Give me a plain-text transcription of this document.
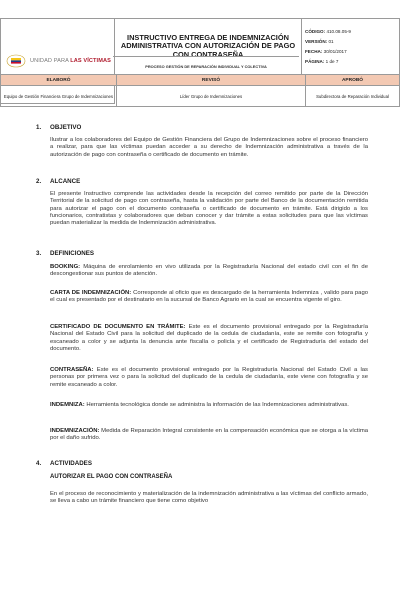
UNIDAD PARA LAS VÍCTIMAS

INSTRUCTIVO ENTREGA DE INDEMNIZACIÓN ADMINISTRATIVA CON AUTORIZACIÓN DE PAGO CON CONTRASEÑA

CÓDIGO: 410.08.05-9
VERSIÓN: 01
FECHA: 30/01/2017
PÁGINA: 1 de 7

PROCESO GESTIÓN DE REPARACIÓN INDIVIDUAL Y COLECTIVA
ELABORÓ	REVISÓ	APROBÓ
Equipo de Gestión Financiera Grupo de Indemnizaciones	Líder Grupo de Indemnizaciones	Subdirectora de Reparación Individual
1. OBJETIVO
Ilustrar a los colaboradores del Equipo de Gestión Financiera del Grupo de Indemnizaciones sobre el proceso financiero a realizar, para que las víctimas puedan acceder a su derecho de Indemnización administrativa a través de la autorización de pago con contraseña o certificado de documento en trámite.
2. ALCANCE
El presente Instructivo comprende las actividades desde la recepción del correo remitido por parte de la Dirección Territorial de la solicitud de pago con contraseña, hasta la validación por parte del Banco de la documentación remitida para autorizar el pago con el documento contraseña o certificado de documento en trámite. Está dirigido a los funcionarios, contratistas y colaboradores que deban conocer y dar trámite a estas solicitudes para que las víctimas puedan materializar la medida de Indemnización administrativa.
3. DEFINICIONES
BOOKING: Máquina de enrolamiento en vivo utilizada por la Registraduría Nacional del estado civil con el fin de descongestionar sus puntos de atención.
CARTA DE INDEMNIZACIÓN: Corresponde al oficio que es descargado de la herramienta Indemniza , valido para pago el cual es presentado por el destinatario en la sucursal de Banco Agrario en la cual se encuentra vigente el giro.
CERTIFICADO DE DOCUMENTO EN TRÁMITE: Este es el documento provisional entregado por la Registraduría Nacional del Estado Civil para la solicitud del duplicado de la cedula de ciudadanía, este se remite con fotografía y escaneado a color y se adjunta la denuncia ante fiscalía o policía y el certificado de Registraduría del estado del documento.
CONTRASEÑA: Este es el documento provisional entregado por la Registraduría Nacional del Estado Civil a las personas por primera vez o para la solicitud del duplicado de la cedula de ciudadanía, este viene con fotografía y se remite escaneado a color.
INDEMNIZA: Herramienta tecnológica donde se administra la información de las Indemnizaciones administrativas.
INDEMNIZACIÓN: Medida de Reparación Integral consistente en la compensación económica que se otorga a la víctima por el daño sufrido.
4. ACTIVIDADES
AUTORIZAR EL PAGO CON CONTRASEÑA
En el proceso de reconocimiento y materialización de la indemnización administrativa a las víctimas del conflicto armado, se lleva a cabo un trámite financiero que tiene como objetivo
